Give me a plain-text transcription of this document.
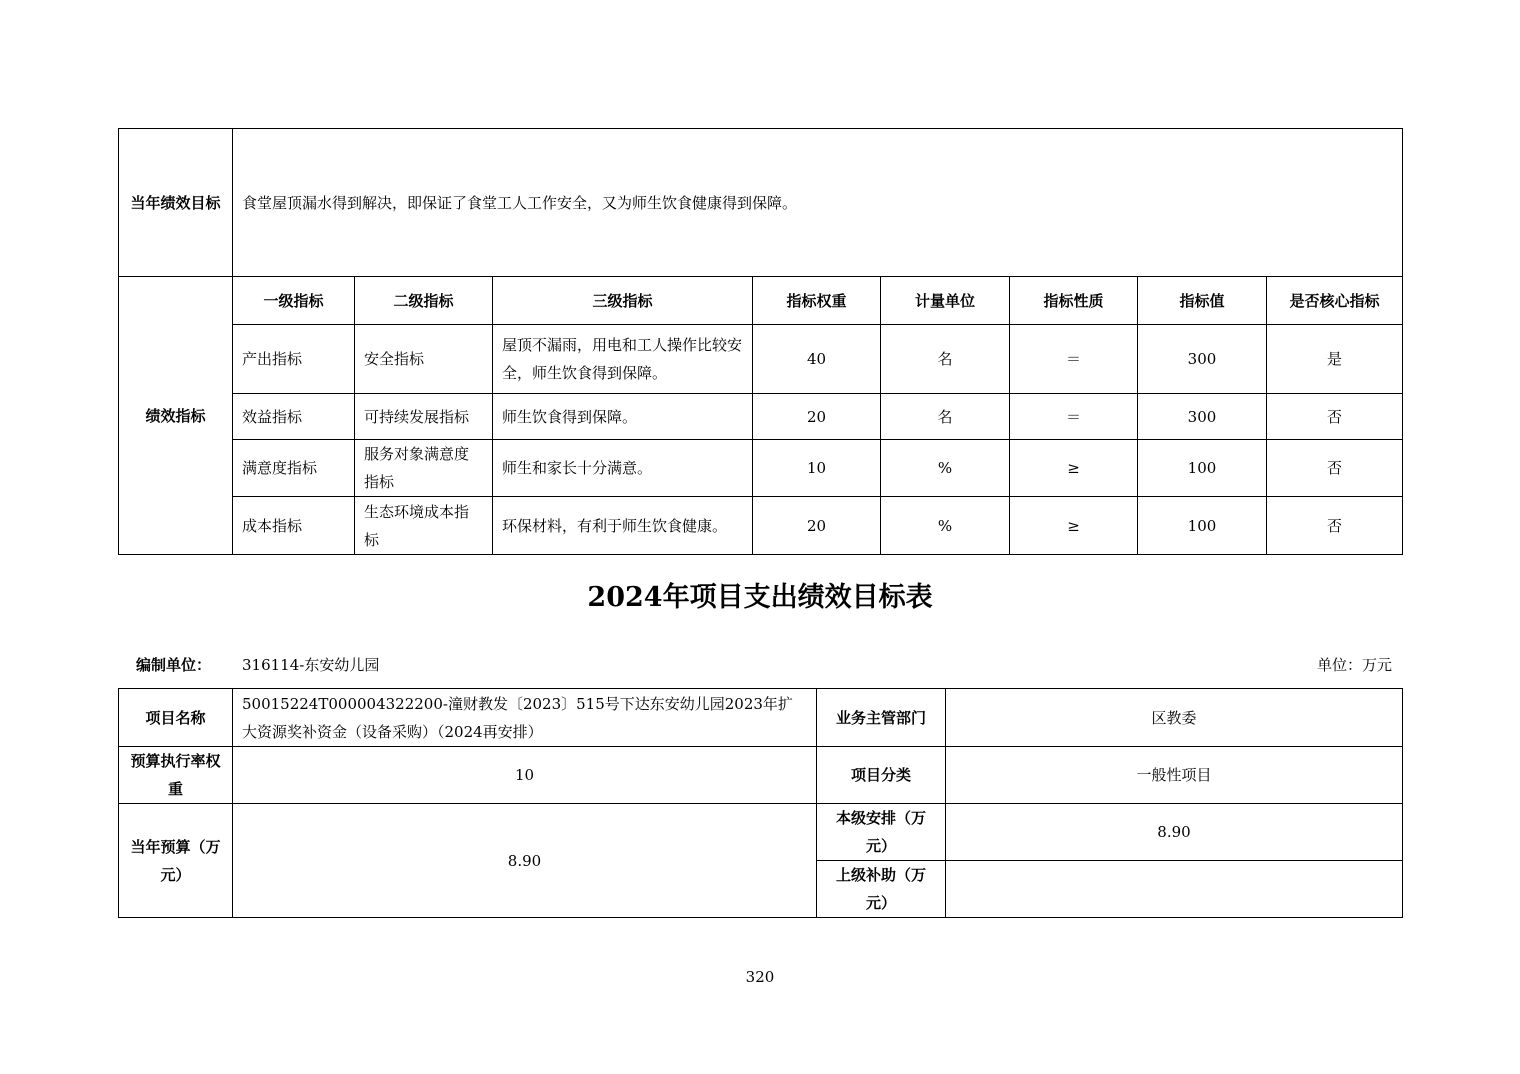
当年绩效目标	食堂屋顶漏水得到解决，即保证了食堂工人工作安全，又为师生饮食健康得到保障。							
绩效指标	一级指标	二级指标	三级指标	指标权重	计量单位	指标性质	指标值	是否核心指标
	产出指标	安全指标	屋顶不漏雨，用电和工人操作比较安全，师生饮食得到保障。	40	名	＝	300	是
	效益指标	可持续发展指标	师生饮食得到保障。	20	名	＝	300	否
	满意度指标	服务对象满意度指标	师生和家长十分满意。	10	%	≥	100	否
	成本指标	生态环境成本指标	环保材料，有利于师生饮食健康。	20	%	≥	100	否
2024年项目支出绩效目标表
编制单位： 316114-东安幼儿园	单位：万元
项目名称	50015224T000004322200-潼财教发〔2023〕515号下达东安幼儿园2023年扩大资源奖补资金（设备采购）（2024再安排）	业务主管部门	区教委
预算执行率权重	10	项目分类	一般性项目
当年预算（万元）	8.90	本级安排（万元）	8.90
		上级补助（万元）	
320
